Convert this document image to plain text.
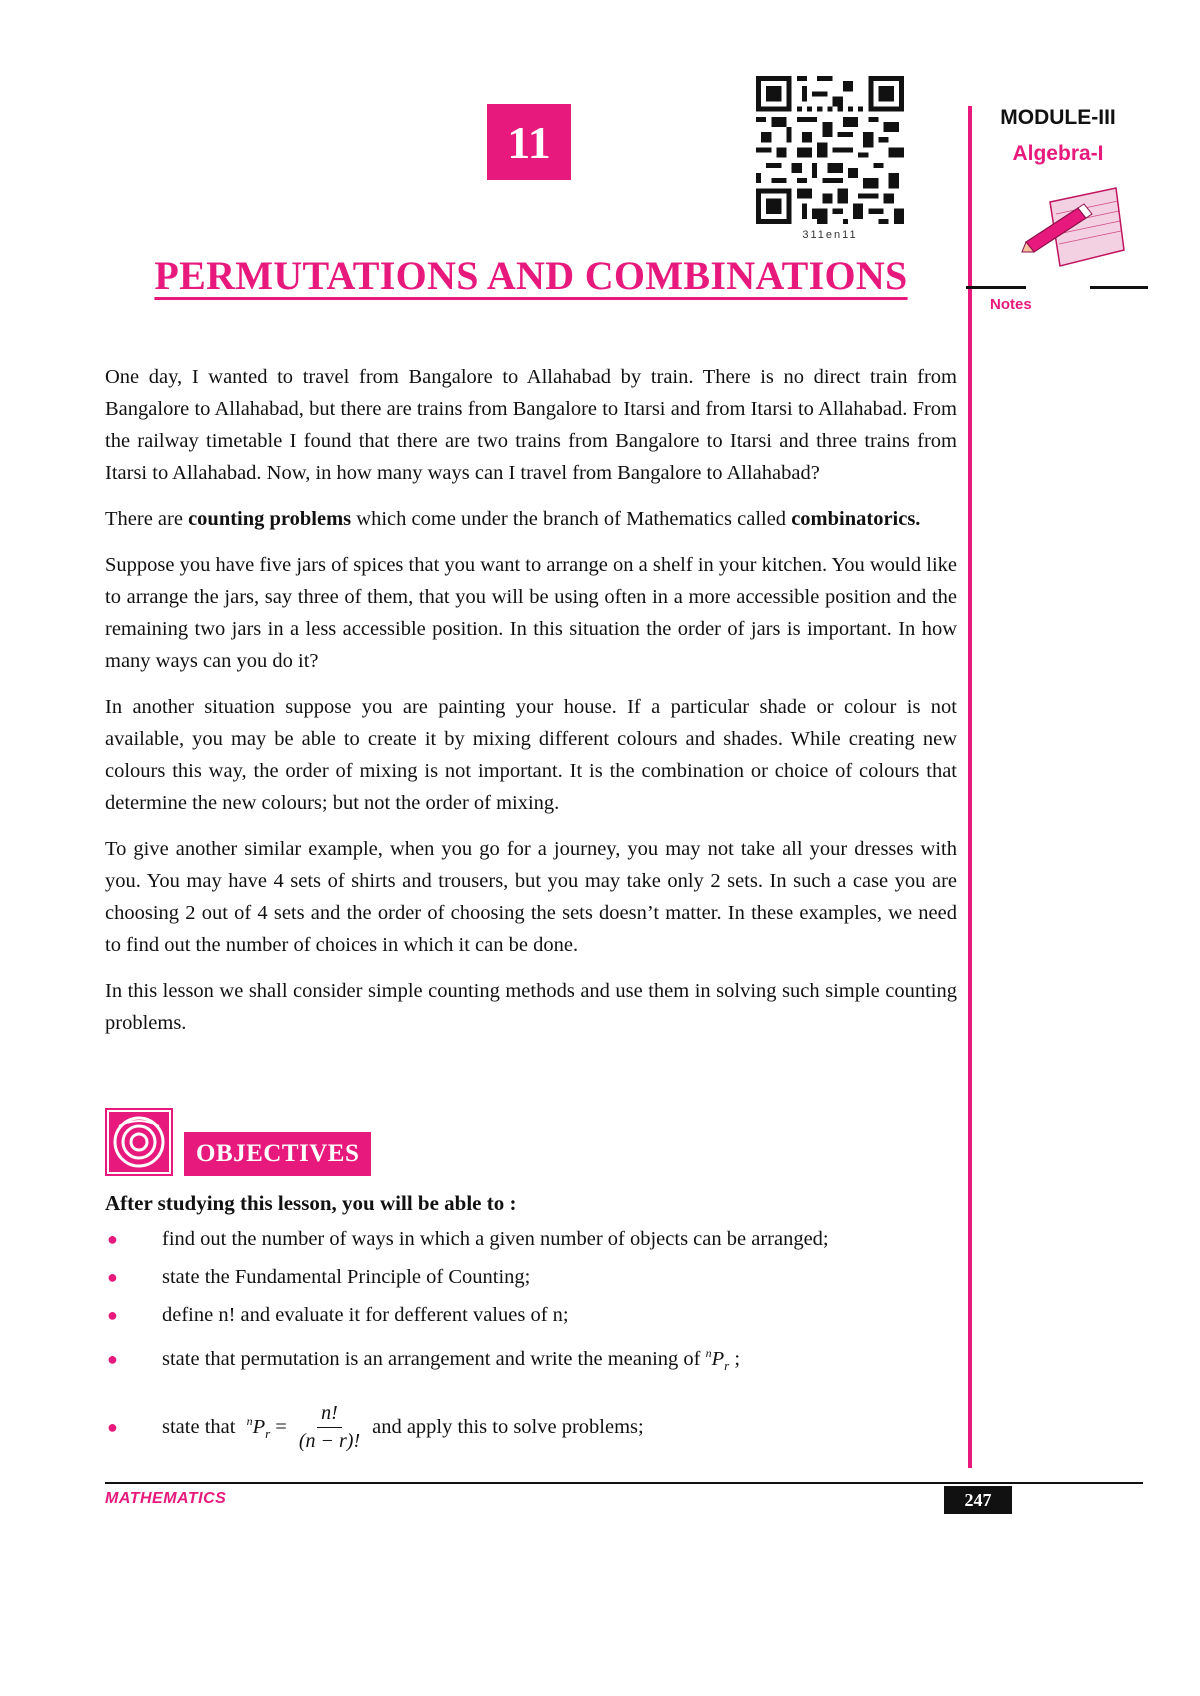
11
311en11
PERMUTATIONS AND COMBINATIONS
MODULE-III
Algebra-I
Notes

One day, I wanted to travel from Bangalore to Allahabad by train. There is no direct train from Bangalore to Allahabad, but there are trains from Bangalore to Itarsi and from Itarsi to Allahabad. From the railway timetable I found that there are two trains from Bangalore to Itarsi and three trains from Itarsi to Allahabad. Now, in how many ways can I travel from Bangalore to Allahabad?

There are counting problems which come under the branch of Mathematics called combinatorics.

Suppose you have five jars of spices that you want to arrange on a shelf in your kitchen. You would like to arrange the jars, say three of them, that you will be using often in a more accessible position and the remaining two jars in a less accessible position. In this situation the order of jars is important. In how many ways can you do it?

In another situation suppose you are painting your house. If a particular shade or colour is not available, you may be able to create it by mixing different colours and shades. While creating new colours this way, the order of mixing is not important. It is the combination or choice of colours that determine the new colours; but not the order of mixing.

To give another similar example, when you go for a journey, you may not take all your dresses with you. You may have 4 sets of shirts and trousers, but you may take only 2 sets. In such a case you are choosing 2 out of 4 sets and the order of choosing the sets doesn’t matter. In these examples, we need to find out the number of choices in which it can be done.

In this lesson we shall consider simple counting methods and use them in solving such simple counting problems.

OBJECTIVES
After studying this lesson, you will be able to :
●	find out the number of ways in which a given number of objects can be arranged;
●	state the Fundamental Principle of Counting;
●	define n! and evaluate it for defferent values of n;
●	state that permutation is an arrangement and write the meaning of $^nP_r$ ;
●	state that $^nP_r = \frac{n!}{(n - r)!}$ and apply this to solve problems;
MATHEMATICS	247
